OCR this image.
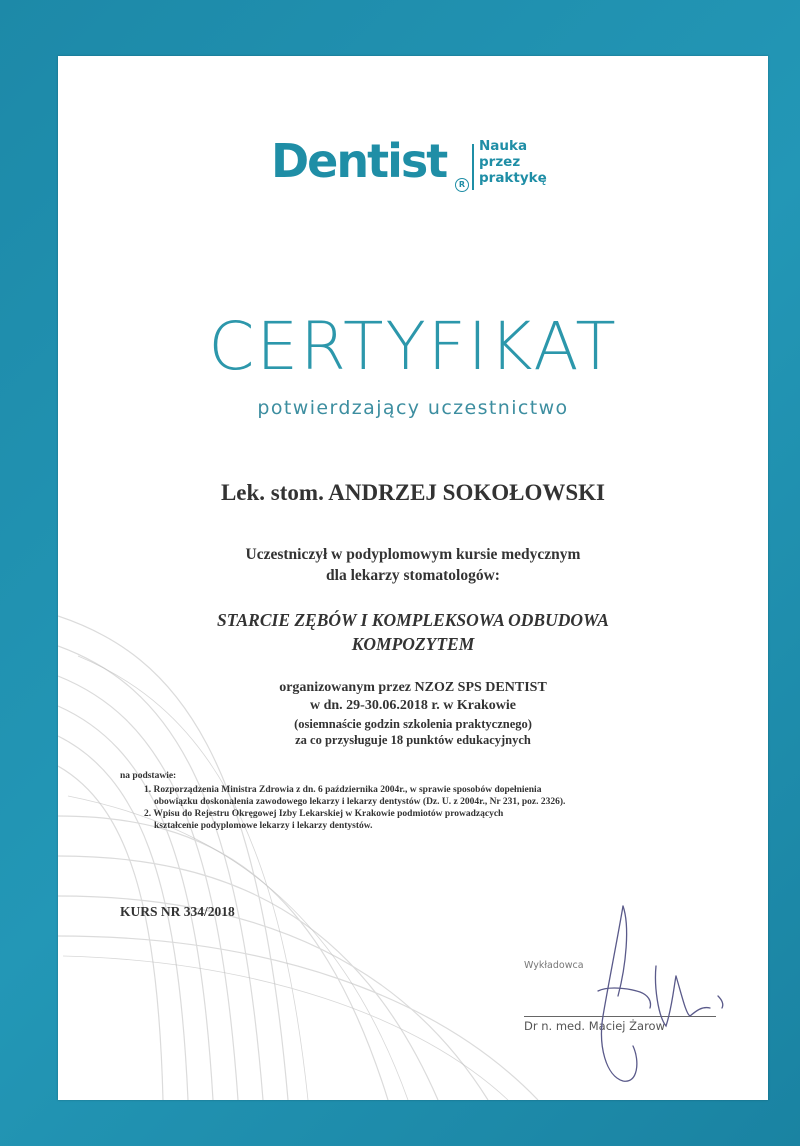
Dentist	R
Nauka
przez
praktykę
CERTYFIKAT
potwierdzający uczestnictwo
Lek. stom. ANDRZEJ SOKOŁOWSKI
Uczestniczył w podyplomowym kursie medycznym
dla lekarzy stomatologów:
STARCIE ZĘBÓW I KOMPLEKSOWA ODBUDOWA
KOMPOZYTEM
organizowanym przez NZOZ SPS DENTIST
w dn. 29-30.06.2018 r. w Krakowie
(osiemnaście godzin szkolenia praktycznego)
za co przysługuje 18 punktów edukacyjnych
na podstawie:
1. Rozporządzenia Ministra Zdrowia z dn. 6 października 2004r., w sprawie sposobów dopełnienia
obowiązku doskonalenia zawodowego lekarzy i lekarzy dentystów (Dz. U. z 2004r., Nr 231, poz. 2326).
2. Wpisu do Rejestru Okręgowej Izby Lekarskiej w Krakowie podmiotów prowadzących
kształcenie podyplomowe lekarzy i lekarzy dentystów.
KURS NR 334/2018
Wykładowca
Dr n. med. Maciej Żarow
